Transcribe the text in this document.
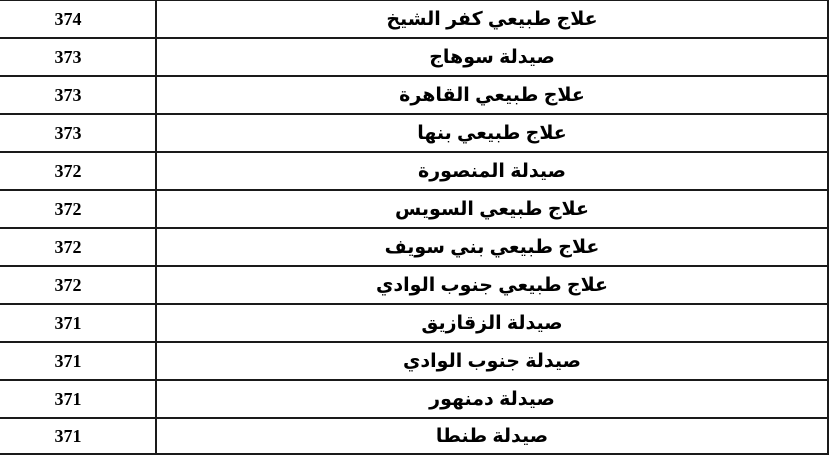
علاج طبيعي كفر الشيخ	374
صيدلة سوهاج	373
علاج طبيعي القاهرة	373
علاج طبيعي بنها	373
صيدلة المنصورة	372
علاج طبيعي السويس	372
علاج طبيعي بني سويف	372
علاج طبيعي جنوب الوادي	372
صيدلة الزقازيق	371
صيدلة جنوب الوادي	371
صيدلة دمنهور	371
صيدلة طنطا	371
